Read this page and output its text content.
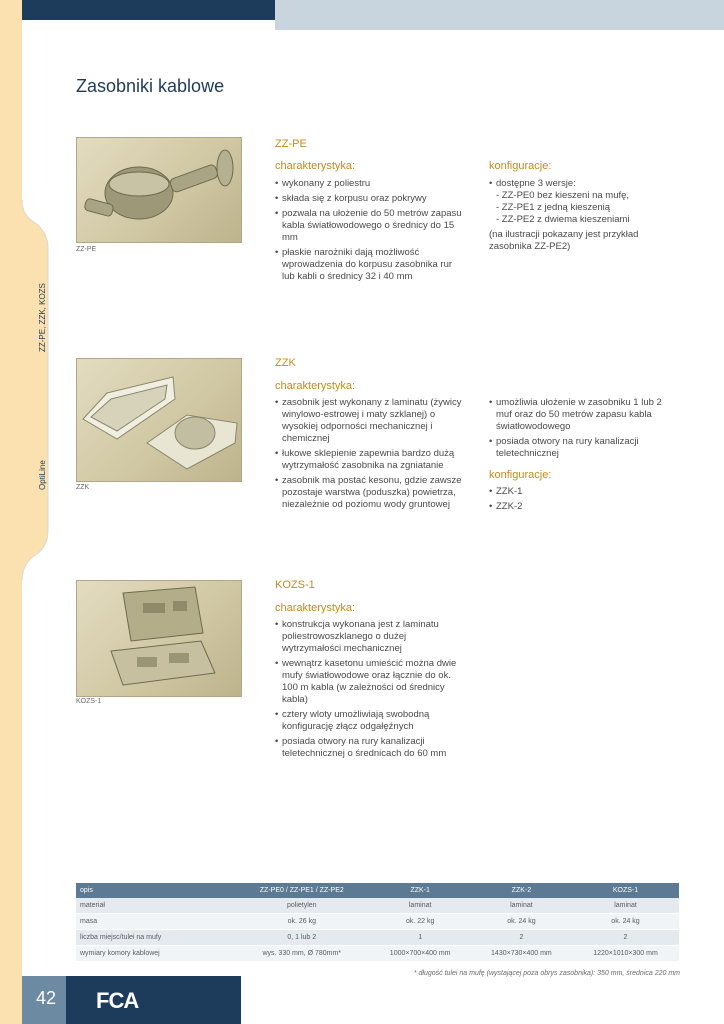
ZZ-PE, ZZK, KOZS
OptiLine
Zasobniki kablowe
ZZ-PE
ZZ-PE
charakterystyka:
• wykonany z poliestru
• składa się z korpusu oraz pokrywy
• pozwala na ułożenie do 50 metrów zapasu kabla światłowodowego o średnicy do 15 mm
• płaskie narożniki dają możliwość wprowadzenia do korpusu zasobnika rur lub kabli o średnicy 32 i 40 mm
konfiguracje:
• dostępne 3 wersje:
- ZZ-PE0 bez kieszeni na mufę,
- ZZ-PE1 z jedną kieszenią
- ZZ-PE2 z dwiema kieszeniami
(na ilustracji pokazany jest przykład zasobnika ZZ-PE2)
ZZK
ZZK
charakterystyka:
• zasobnik jest wykonany z laminatu (żywicy winylowo-estrowej i maty szklanej) o wysokiej odporności mechanicznej i chemicznej
• łukowe sklepienie zapewnia bardzo dużą wytrzymałość zasobnika na zgniatanie
• zasobnik ma postać kesonu, gdzie zawsze pozostaje warstwa (poduszka) powietrza, niezależnie od poziomu wody gruntowej
• umożliwia ułożenie w zasobniku 1 lub 2 muf oraz do 50 metrów zapasu kabla światłowodowego
• posiada otwory na rury kanalizacji teletechnicznej
konfiguracje:
• ZZK-1
• ZZK-2
KOZS-1
KOZS-1
charakterystyka:
• konstrukcja wykonana jest z laminatu poliestrowoszklanego o dużej wytrzymałości mechanicznej
• wewnątrz kasetonu umieścić można dwie mufy światłowodowe oraz łącznie do ok. 100 m kabla (w zależności od średnicy kabla)
• cztery wloty umożliwiają swobodną konfigurację złącz odgałęźnych
• posiada otwory na rury kanalizacji teletechnicznej o średnicach do 60 mm
opis	ZZ-PE0 / ZZ-PE1 / ZZ-PE2	ZZK-1	ZZK-2	KOZS-1
materiał	polietylen	laminat	laminat	laminat
masa	ok. 26 kg	ok. 22 kg	ok. 24 kg	ok. 24 kg
liczba miejsc/tulei na mufy	0, 1 lub 2	1	2	2
wymiary komory kablowej	wys. 330 mm, Ø 780mm*	1000×700×400 mm	1430×730×400 mm	1220×1010×300 mm
* długość tulei na mufę (wystającej poza obrys zasobnika): 350 mm, średnica 220 mm
42 FCA
